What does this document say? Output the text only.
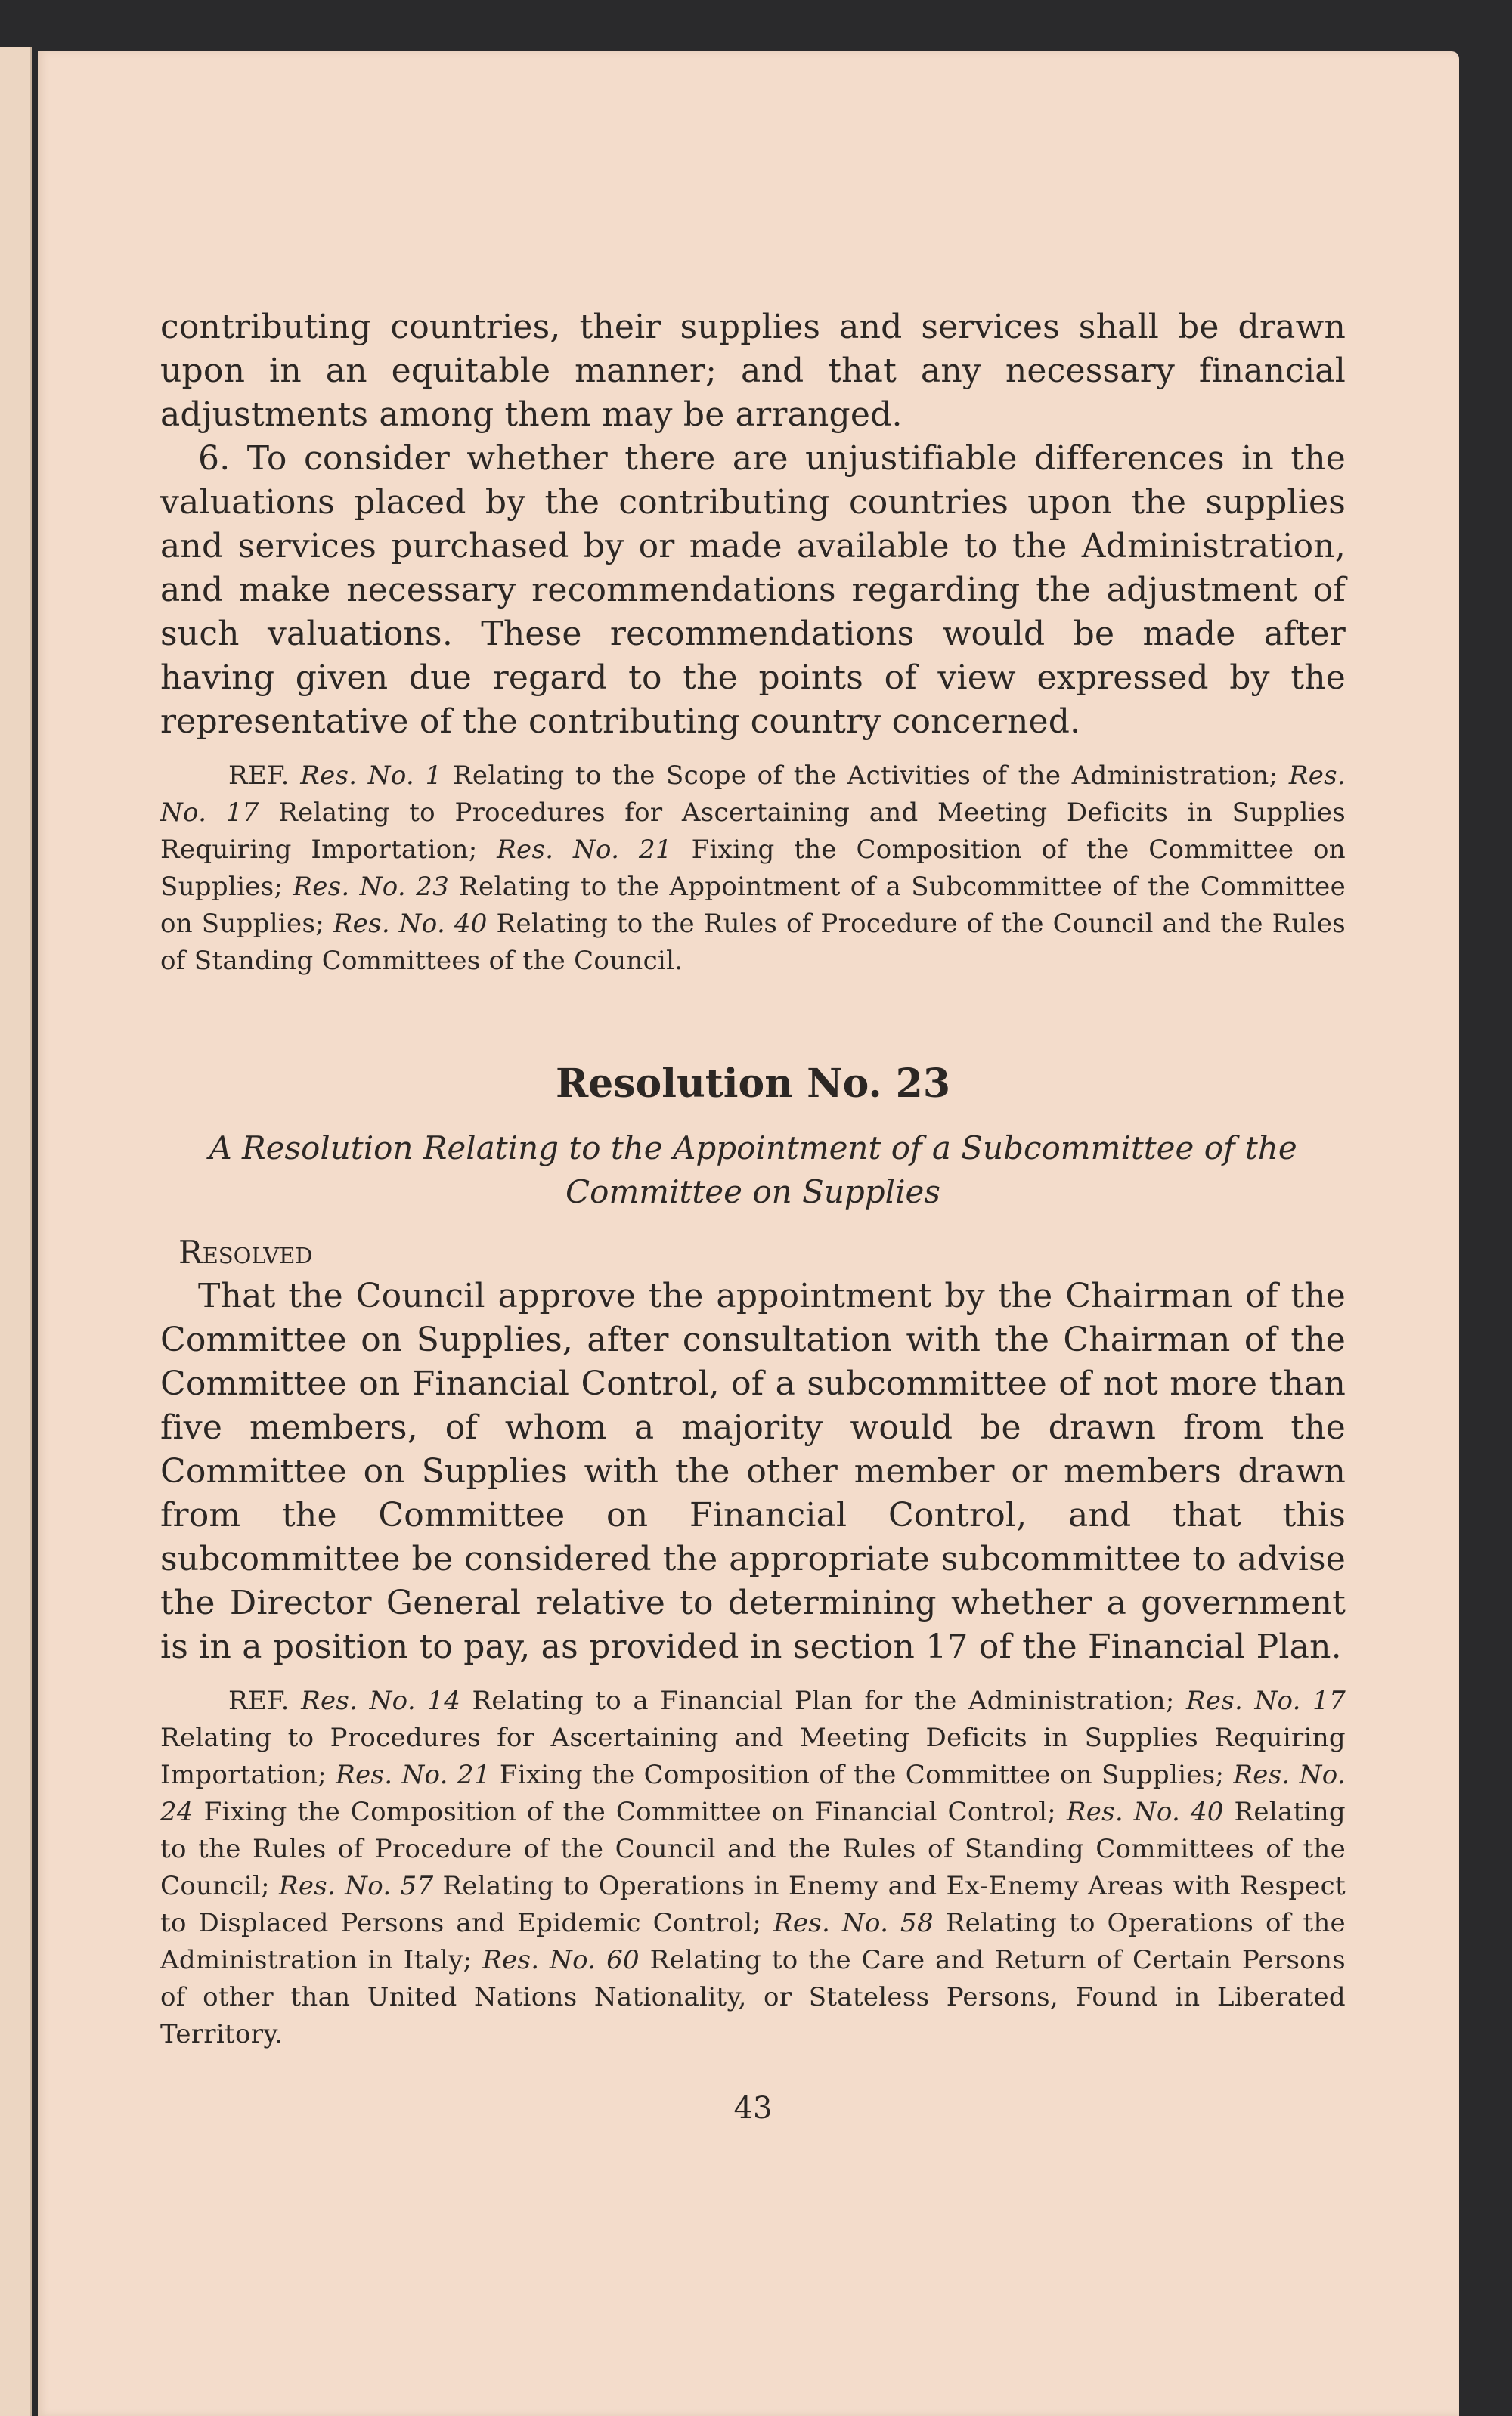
contributing countries, their supplies and services shall be drawn upon in an equitable manner; and that any necessary financial adjustments among them may be arranged.

6. To consider whether there are unjustifiable differences in the valuations placed by the contributing countries upon the supplies and services purchased by or made available to the Administration, and make necessary recommendations regarding the adjustment of such valuations. These recommendations would be made after having given due regard to the points of view expressed by the representative of the contributing country concerned.

REF. Res. No. 1 Relating to the Scope of the Activities of the Administration; Res. No. 17 Relating to Procedures for Ascertaining and Meeting Deficits in Supplies Requiring Importation; Res. No. 21 Fixing the Composition of the Committee on Supplies; Res. No. 23 Relating to the Appointment of a Subcommittee of the Committee on Supplies; Res. No. 40 Relating to the Rules of Procedure of the Council and the Rules of Standing Committees of the Council.

Resolution No. 23

A Resolution Relating to the Appointment of a Subcommittee of the Committee on Supplies

Resolved

That the Council approve the appointment by the Chairman of the Committee on Supplies, after consultation with the Chairman of the Committee on Financial Control, of a subcommittee of not more than five members, of whom a majority would be drawn from the Committee on Supplies with the other member or members drawn from the Committee on Financial Control, and that this subcommittee be considered the appropriate subcommittee to advise the Director General relative to determining whether a government is in a position to pay, as provided in section 17 of the Financial Plan.

REF. Res. No. 14 Relating to a Financial Plan for the Administration; Res. No. 17 Relating to Procedures for Ascertaining and Meeting Deficits in Supplies Requiring Importation; Res. No. 21 Fixing the Composition of the Committee on Supplies; Res. No. 24 Fixing the Composition of the Committee on Financial Control; Res. No. 40 Relating to the Rules of Procedure of the Council and the Rules of Standing Committees of the Council; Res. No. 57 Relating to Operations in Enemy and Ex-Enemy Areas with Respect to Displaced Persons and Epidemic Control; Res. No. 58 Relating to Operations of the Administration in Italy; Res. No. 60 Relating to the Care and Return of Certain Persons of other than United Nations Nationality, or Stateless Persons, Found in Liberated Territory.

43
